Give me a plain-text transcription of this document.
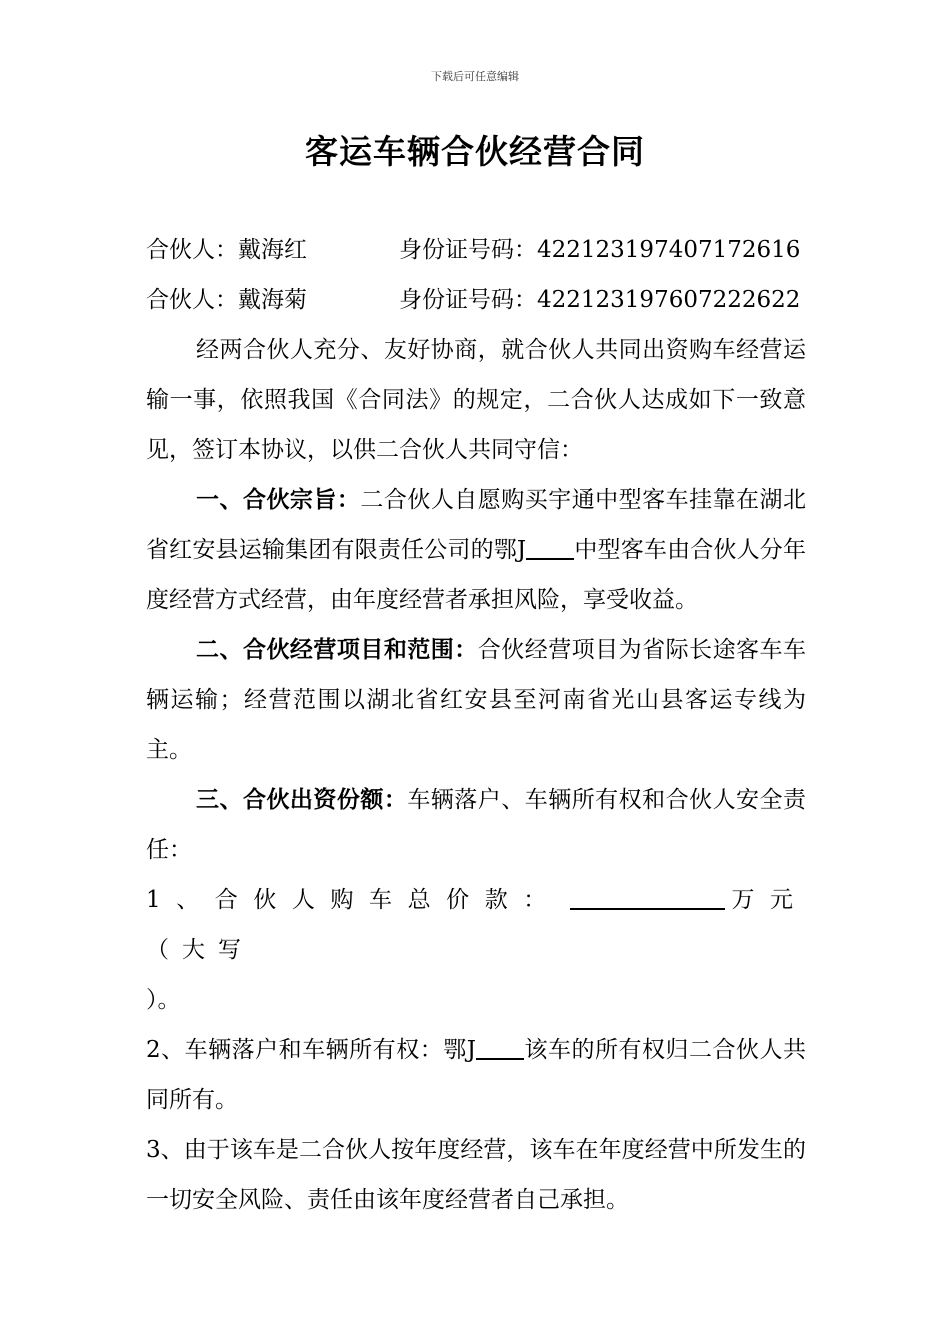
下载后可任意编辑
客运车辆合伙经营合同
合伙人：戴海红	身份证号码：422123197407172616
合伙人：戴海菊	身份证号码：422123197607222622

经两合伙人充分、友好协商，就合伙人共同出资购车经营运输一事，依照我国《合同法》的规定，二合伙人达成如下一致意见，签订本协议，以供二合伙人共同守信：

一、合伙宗旨：二合伙人自愿购买宇通中型客车挂靠在湖北省红安县运输集团有限责任公司的鄂J 中型客车由合伙人分年度经营方式经营，由年度经营者承担风险，享受收益。

二、合伙经营项目和范围：合伙经营项目为省际长途客车车辆运输；经营范围以湖北省红安县至河南省光山县客运专线为主。

三、合伙出资份额：车辆落户、车辆所有权和合伙人安全责任：

1、合伙人购车总价款：	万元（大写
）。

2、车辆落户和车辆所有权：鄂J 该车的所有权归二合伙人共同所有。

3、由于该车是二合伙人按年度经营，该车在年度经营中所发生的一切安全风险、责任由该年度经营者自己承担。
